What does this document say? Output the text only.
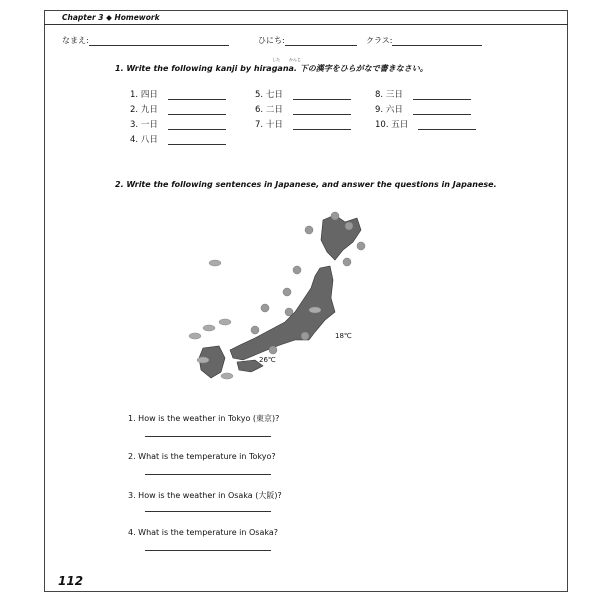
Chapter 3 ◆ Homework
なまえ:	ひにち:	クラス:
した かんじ
1. Write the following kanji by hiragana. 下の漢字をひらがなで書きなさい。
1. 四日
2. 九日
3. 一日
4. 八日
5. 七日
6. 二日
7. 十日
8. 三日
9. 六日
10. 五日
2. Write the following sentences in Japanese, and answer the questions in Japanese.
18℃
26℃
1. How is the weather in Tokyo (東京)?
2. What is the temperature in Tokyo?
3. How is the weather in Osaka (大阪)?
4. What is the temperature in Osaka?
112
